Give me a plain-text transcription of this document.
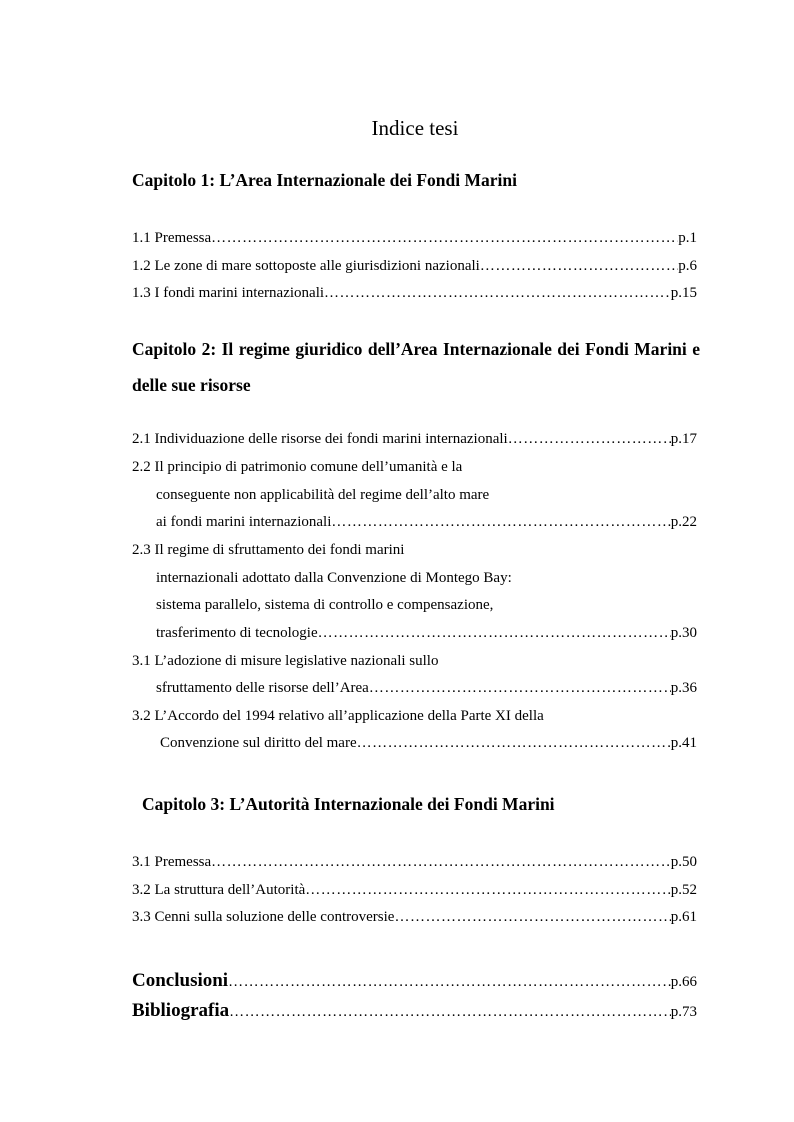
Indice tesi
Capitolo 1: L’Area Internazionale dei Fondi Marini
1.1 Premessa ……………………………………………………………………………………………………………………………………………………………………………………………………	p.1
1.2 Le zone di mare sottoposte alle giurisdizioni nazionali ……………………………………………………………………………………………………………………………………………………………………………………………………	p.6
1.3 I fondi marini internazionali ……………………………………………………………………………………………………………………………………………………………………………………………………	p.15
Capitolo 2: Il regime giuridico dell’Area Internazionale dei Fondi Marini e delle sue risorse
2.1 Individuazione delle risorse dei fondi marini internazionali ……………………………………………………………………………………………………………………………………………………………………………………………………	p.17
2.2 Il principio di patrimonio comune dell’umanità e la
conseguente non applicabilità del regime dell’alto mare
ai fondi marini internazionali ……………………………………………………………………………………………………………………………………………………………………………………………………	p.22
2.3 Il regime di sfruttamento dei fondi marini
internazionali adottato dalla Convenzione di Montego Bay:
sistema parallelo, sistema di controllo e compensazione,
trasferimento di tecnologie ……………………………………………………………………………………………………………………………………………………………………………………………………	p.30
3.1 L’adozione di misure legislative nazionali sullo
sfruttamento delle risorse dell’Area ……………………………………………………………………………………………………………………………………………………………………………………………………	p.36
3.2 L’Accordo del 1994 relativo all’applicazione della Parte XI della
Convenzione sul diritto del mare ……………………………………………………………………………………………………………………………………………………………………………………………………	p.41
Capitolo 3: L’Autorità Internazionale dei Fondi Marini
3.1 Premessa ……………………………………………………………………………………………………………………………………………………………………………………………………	p.50
3.2 La struttura dell’Autorità ……………………………………………………………………………………………………………………………………………………………………………………………………	p.52
3.3 Cenni sulla soluzione delle controversie ……………………………………………………………………………………………………………………………………………………………………………………………………	p.61
Conclusioni ……………………………………………………………………………………………………………………………………………………………………………………………………	p.66
Bibliografia ……………………………………………………………………………………………………………………………………………………………………………………………………	p.73
